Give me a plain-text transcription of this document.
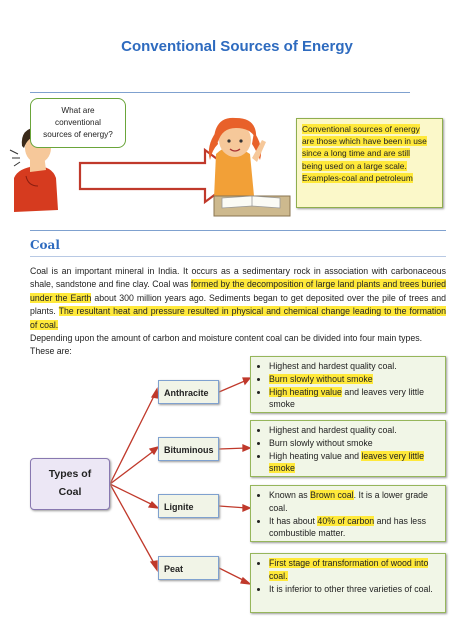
Conventional Sources of Energy
What are
conventional
sources of energy?
Conventional sources of energy
are those which have been in use
since a long time and are still
being used on a large scale.
Examples-coal and petroleum
Coal
Coal is an important mineral in India. It occurs as a sedimentary rock in association with carbonaceous shale, sandstone and fine clay. Coal was formed by the decomposition of large land plants and trees buried under the Earth about 300 million years ago. Sediments began to get deposited over the pile of trees and plants. The resultant heat and pressure resulted in physical and chemical change leading to the formation of coal.
Depending upon the amount of carbon and moisture content coal can be divided into four main types. These are:
Types of
Coal
Anthracite
Bituminous
Lignite
Peat
• Highest and hardest quality coal.
• Burn slowly without smoke
• High heating value and leaves very little smoke
• Highest and hardest quality coal.
• Burn slowly without smoke
• High heating value and leaves very little smoke
• Known as Brown coal. It is a lower grade coal.
• It has about 40% of carbon and has less combustible matter.
• First stage of transformation of wood into coal.
• It is inferior to other three varieties of coal.
